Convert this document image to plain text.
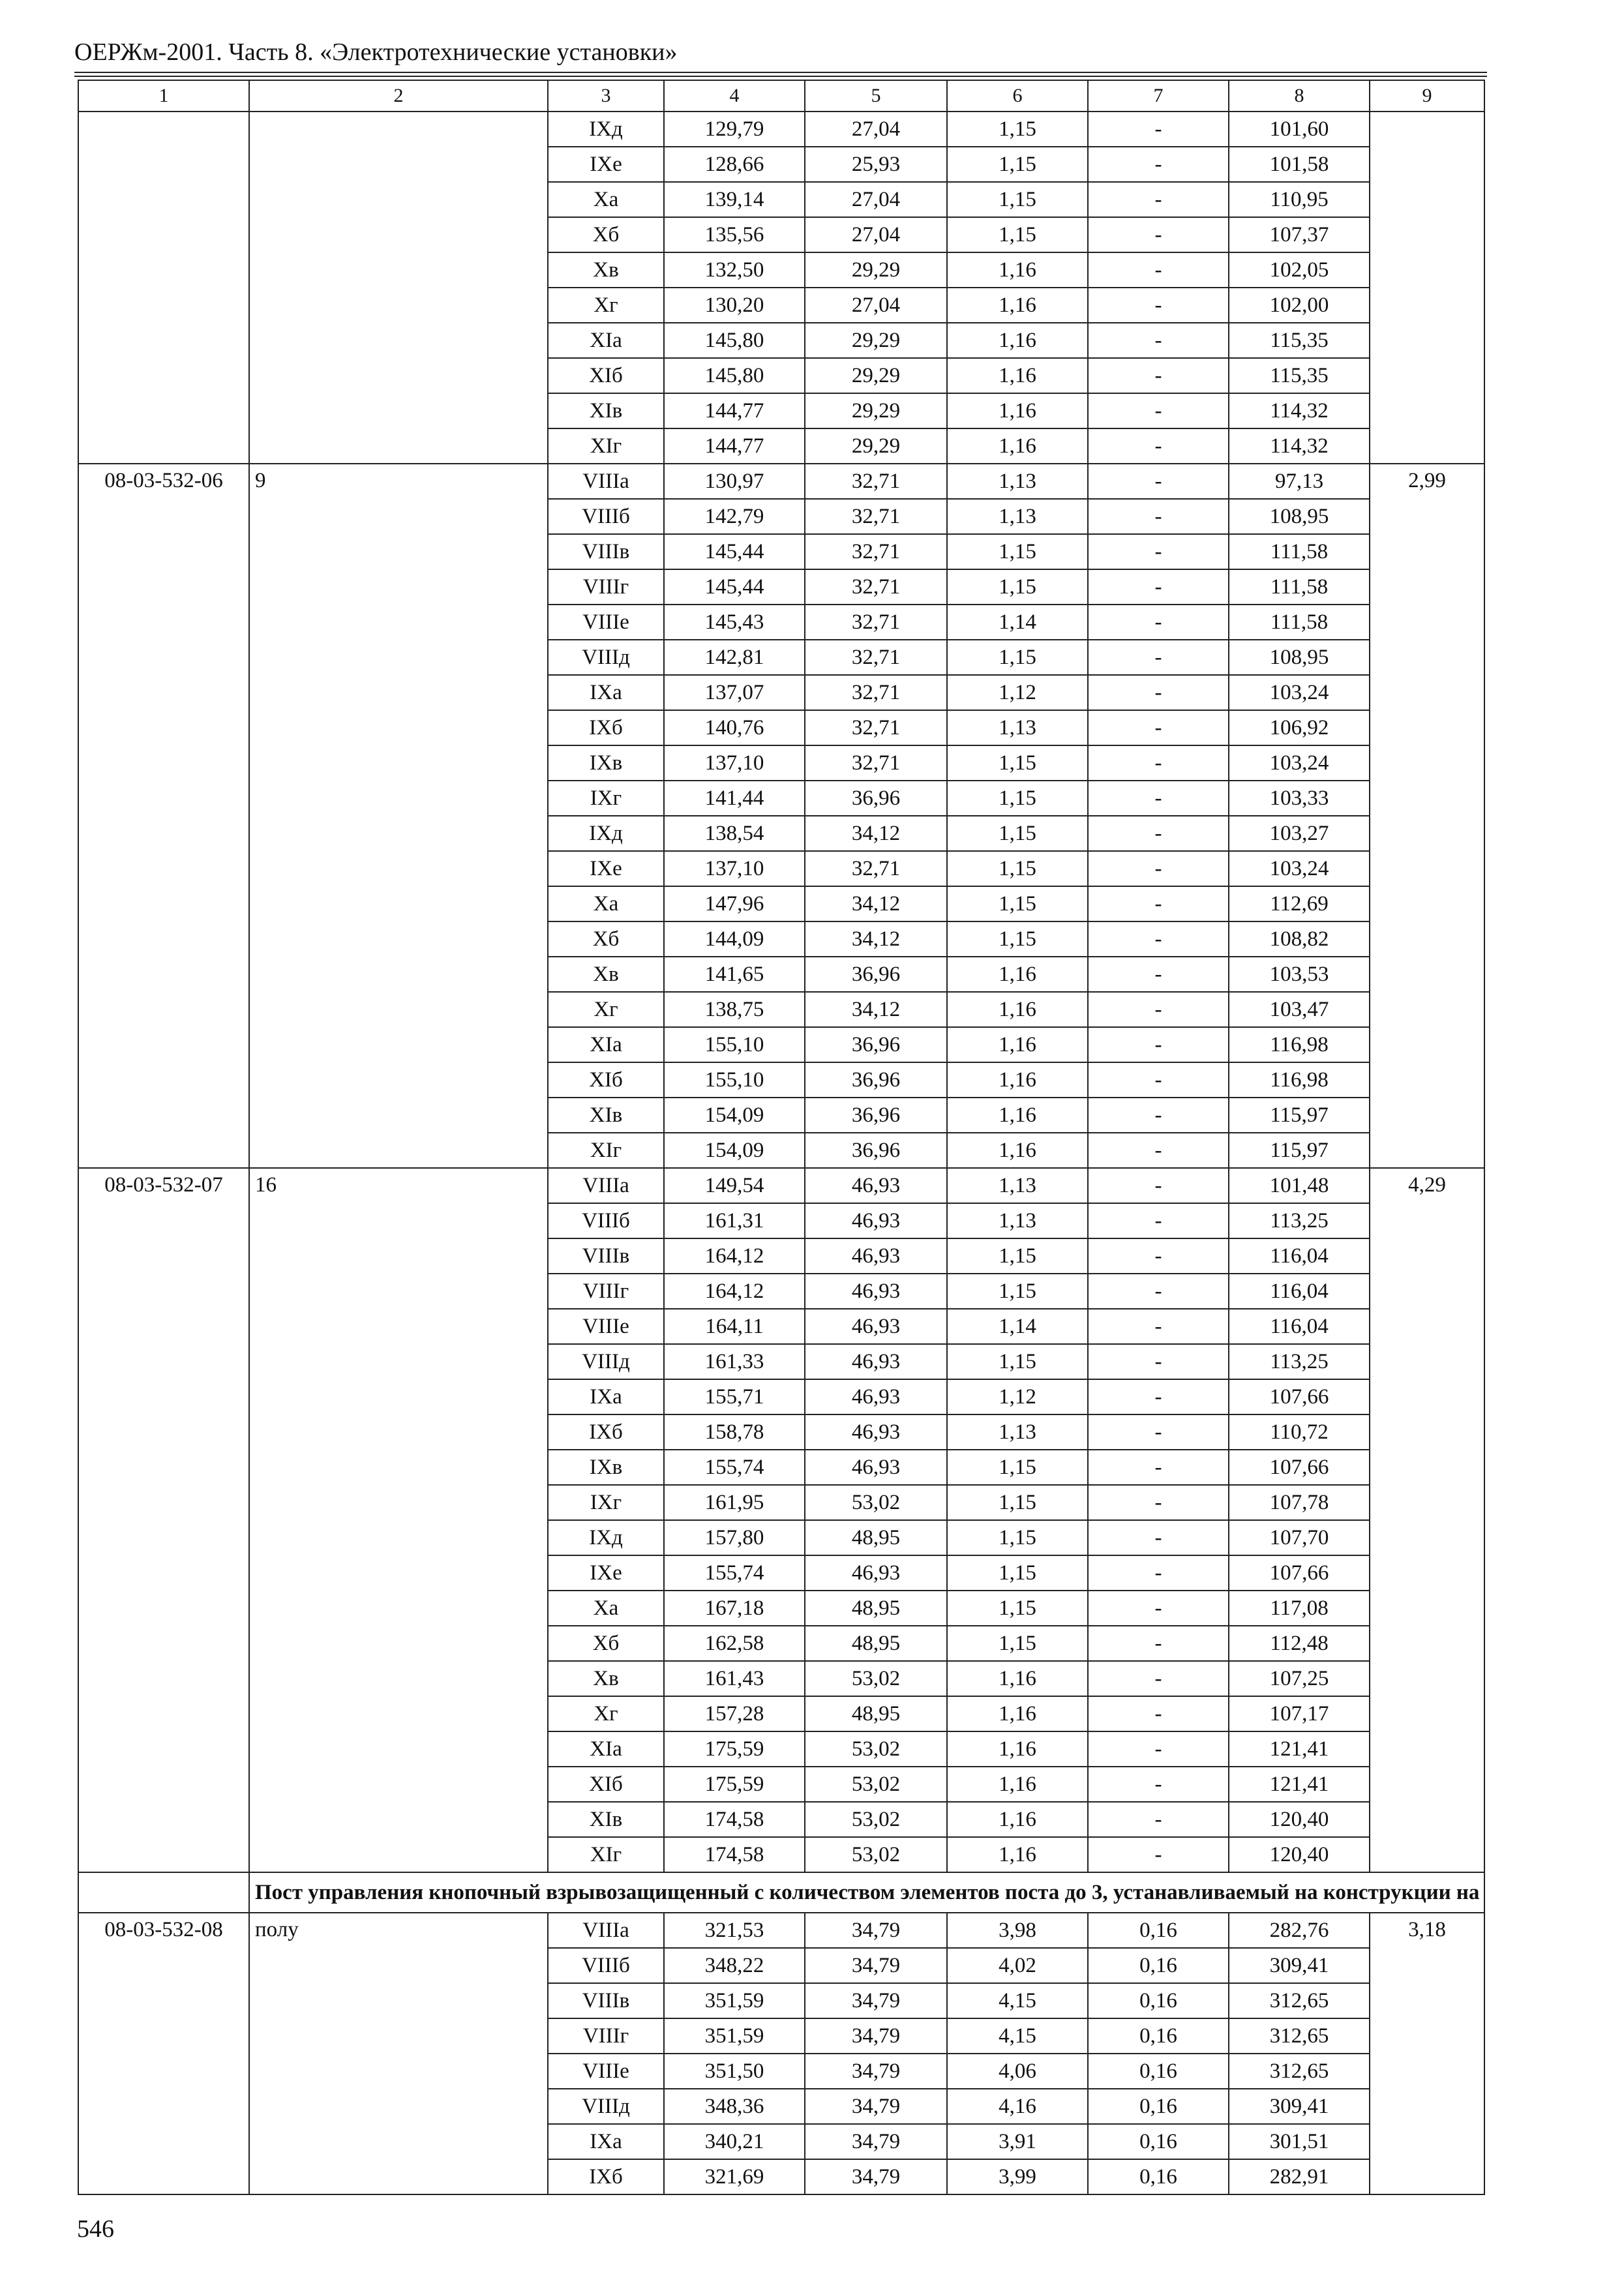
ОЕРЖм-2001. Часть 8. «Электротехнические установки»
1	2	3	4	5	6	7	8	9
		IXд	129,79	27,04	1,15	-	101,60	
		IXе	128,66	25,93	1,15	-	101,58	
		Xа	139,14	27,04	1,15	-	110,95	
		Xб	135,56	27,04	1,15	-	107,37	
		Xв	132,50	29,29	1,16	-	102,05	
		Xг	130,20	27,04	1,16	-	102,00	
		XIа	145,80	29,29	1,16	-	115,35	
		XIб	145,80	29,29	1,16	-	115,35	
		XIв	144,77	29,29	1,16	-	114,32	
		XIг	144,77	29,29	1,16	-	114,32	
08-03-532-06	9	VIIIа	130,97	32,71	1,13	-	97,13	2,99
		VIIIб	142,79	32,71	1,13	-	108,95	
		VIIIв	145,44	32,71	1,15	-	111,58	
		VIIIг	145,44	32,71	1,15	-	111,58	
		VIIIе	145,43	32,71	1,14	-	111,58	
		VIIIд	142,81	32,71	1,15	-	108,95	
		IXа	137,07	32,71	1,12	-	103,24	
		IXб	140,76	32,71	1,13	-	106,92	
		IXв	137,10	32,71	1,15	-	103,24	
		IXг	141,44	36,96	1,15	-	103,33	
		IXд	138,54	34,12	1,15	-	103,27	
		IXе	137,10	32,71	1,15	-	103,24	
		Xа	147,96	34,12	1,15	-	112,69	
		Xб	144,09	34,12	1,15	-	108,82	
		Xв	141,65	36,96	1,16	-	103,53	
		Xг	138,75	34,12	1,16	-	103,47	
		XIа	155,10	36,96	1,16	-	116,98	
		XIб	155,10	36,96	1,16	-	116,98	
		XIв	154,09	36,96	1,16	-	115,97	
		XIг	154,09	36,96	1,16	-	115,97	
08-03-532-07	16	VIIIа	149,54	46,93	1,13	-	101,48	4,29
		VIIIб	161,31	46,93	1,13	-	113,25	
		VIIIв	164,12	46,93	1,15	-	116,04	
		VIIIг	164,12	46,93	1,15	-	116,04	
		VIIIе	164,11	46,93	1,14	-	116,04	
		VIIIд	161,33	46,93	1,15	-	113,25	
		IXа	155,71	46,93	1,12	-	107,66	
		IXб	158,78	46,93	1,13	-	110,72	
		IXв	155,74	46,93	1,15	-	107,66	
		IXг	161,95	53,02	1,15	-	107,78	
		IXд	157,80	48,95	1,15	-	107,70	
		IXе	155,74	46,93	1,15	-	107,66	
		Xа	167,18	48,95	1,15	-	117,08	
		Xб	162,58	48,95	1,15	-	112,48	
		Xв	161,43	53,02	1,16	-	107,25	
		Xг	157,28	48,95	1,16	-	107,17	
		XIа	175,59	53,02	1,16	-	121,41	
		XIб	175,59	53,02	1,16	-	121,41	
		XIв	174,58	53,02	1,16	-	120,40	
		XIг	174,58	53,02	1,16	-	120,40	
	Пост управления кнопочный взрывозащищенный с количеством элементов поста до 3, устанавливаемый на конструкции на							
08-03-532-08	полу	VIIIа	321,53	34,79	3,98	0,16	282,76	3,18
		VIIIб	348,22	34,79	4,02	0,16	309,41	
		VIIIв	351,59	34,79	4,15	0,16	312,65	
		VIIIг	351,59	34,79	4,15	0,16	312,65	
		VIIIе	351,50	34,79	4,06	0,16	312,65	
		VIIIд	348,36	34,79	4,16	0,16	309,41	
		IXа	340,21	34,79	3,91	0,16	301,51	
		IXб	321,69	34,79	3,99	0,16	282,91	
546
